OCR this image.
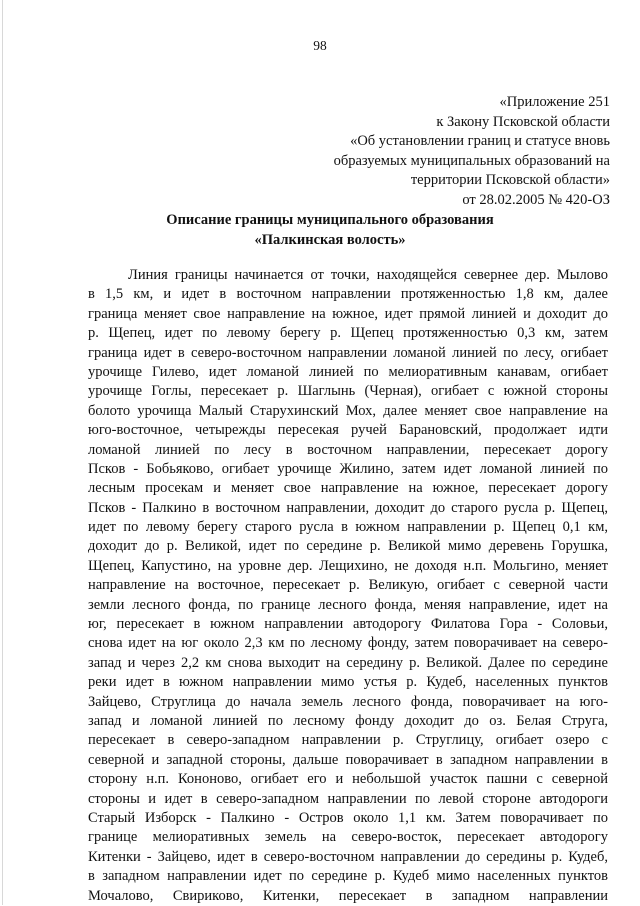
98
«Приложение 251
к Закону Псковской области
«Об установлении границ и статусе вновь
образуемых муниципальных образований на
территории Псковской области»
от 28.02.2005 № 420-ОЗ
Описание границы муниципального образования
«Палкинская волость»
Линия границы начинается от точки, находящейся севернее дер. Мылово
в 1,5 км, и идет в восточном направлении протяженностью 1,8 км, далее
граница меняет свое направление на южное, идет прямой линией и доходит до
р. Щепец, идет по левому берегу р. Щепец протяженностью 0,3 км, затем
граница идет в северо-восточном направлении ломаной линией по лесу, огибает
урочище Гилево, идет ломаной линией по мелиоративным канавам, огибает
урочище Гоглы, пересекает р. Шаглынь (Черная), огибает с южной стороны
болото урочища Малый Старухинский Мох, далее меняет свое направление на
юго-восточное, четырежды пересекая ручей Барановский, продолжает идти
ломаной линией по лесу в восточном направлении, пересекает дорогу
Псков - Бобьяково, огибает урочище Жилино, затем идет ломаной линией по
лесным просекам и меняет свое направление на южное, пересекает дорогу
Псков - Палкино в восточном направлении, доходит до старого русла р. Щепец,
идет по левому берегу старого русла в южном направлении р. Щепец 0,1 км,
доходит до р. Великой, идет по середине р. Великой мимо деревень Горушка,
Щепец, Капустино, на уровне дер. Лещихино, не доходя н.п. Мольгино, меняет
направление на восточное, пересекает р. Великую, огибает с северной части
земли лесного фонда, по границе лесного фонда, меняя направление, идет на
юг, пересекает в южном направлении автодорогу Филатова Гора - Соловьи,
снова идет на юг около 2,3 км по лесному фонду, затем поворачивает на северо-
запад и через 2,2 км снова выходит на середину р. Великой. Далее по середине
реки идет в южном направлении мимо устья р. Кудеб, населенных пунктов
Зайцево, Струглица до начала земель лесного фонда, поворачивает на юго-
запад и ломаной линией по лесному фонду доходит до оз. Белая Струга,
пересекает в северо-западном направлении р. Струглицу, огибает озеро с
северной и западной стороны, дальше поворачивает в западном направлении в
сторону н.п. Кононово, огибает его и небольшой участок пашни с северной
стороны и идет в северо-западном направлении по левой стороне автодороги
Старый Изборск - Палкино - Остров около 1,1 км. Затем поворачивает по
границе мелиоративных земель на северо-восток, пересекает автодорогу
Китенки - Зайцево, идет в северо-восточном направлении до середины р. Кудеб,
в западном направлении идет по середине р. Кудеб мимо населенных пунктов
Мочалово, Свириково, Китенки, пересекает в западном направлении
